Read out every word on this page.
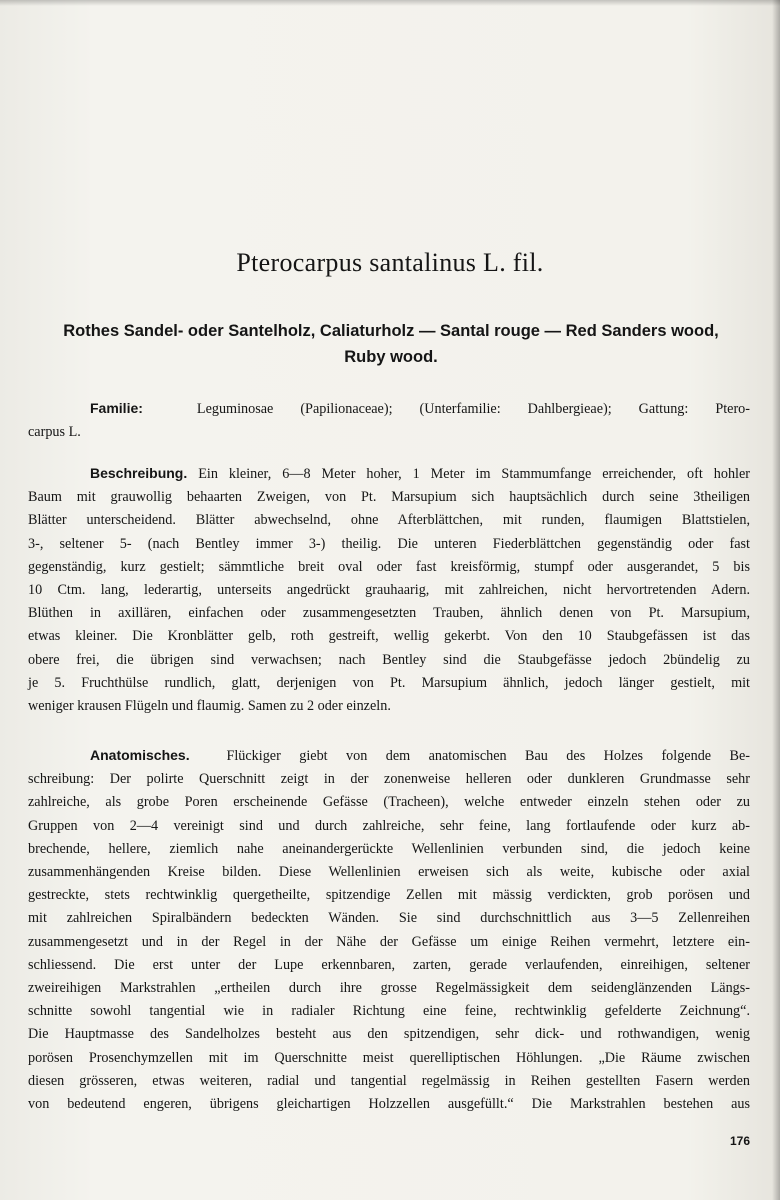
Pterocarpus santalinus L. fil.
Rothes Sandel- oder Santelholz, Caliaturholz — Santal rouge — Red Sanders wood,
Ruby wood.
Familie:	Leguminosae (Papilionaceae); (Unterfamilie: Dahlbergieae); Gattung: Ptero-
carpus L.
Beschreibung. Ein kleiner, 6—8 Meter hoher, 1 Meter im Stammumfange erreichender, oft hohler
Baum mit grauwollig behaarten Zweigen, von Pt. Marsupium sich hauptsächlich durch seine 3theiligen
Blätter unterscheidend. Blätter abwechselnd, ohne Afterblättchen, mit runden, flaumigen Blattstielen,
3-, seltener 5- (nach Bentley immer 3-) theilig. Die unteren Fiederblättchen gegenständig oder fast
gegenständig, kurz gestielt; sämmtliche breit oval oder fast kreisförmig, stumpf oder ausgerandet, 5 bis
10 Ctm. lang, lederartig, unterseits angedrückt grauhaarig, mit zahlreichen, nicht hervortretenden Adern.
Blüthen in axillären, einfachen oder zusammengesetzten Trauben, ähnlich denen von Pt. Marsupium,
etwas kleiner. Die Kronblätter gelb, roth gestreift, wellig gekerbt. Von den 10 Staubgefässen ist das
obere frei, die übrigen sind verwachsen; nach Bentley sind die Staubgefässe jedoch 2bündelig zu
je 5. Fruchthülse rundlich, glatt, derjenigen von Pt. Marsupium ähnlich, jedoch länger gestielt, mit
weniger krausen Flügeln und flaumig. Samen zu 2 oder einzeln.
Anatomisches.	Flückiger giebt von dem anatomischen Bau des Holzes folgende Be-
schreibung: Der polirte Querschnitt zeigt in der zonenweise helleren oder dunkleren Grundmasse sehr
zahlreiche, als grobe Poren erscheinende Gefässe (Tracheen), welche entweder einzeln stehen oder zu
Gruppen von 2—4 vereinigt sind und durch zahlreiche, sehr feine, lang fortlaufende oder kurz ab-
brechende, hellere, ziemlich nahe aneinandergerückte Wellenlinien verbunden sind, die jedoch keine
zusammenhängenden Kreise bilden. Diese Wellenlinien erweisen sich als weite, kubische oder axial
gestreckte, stets rechtwinklig quergetheilte, spitzendige Zellen mit mässig verdickten, grob porösen und
mit zahlreichen Spiralbändern bedeckten Wänden. Sie sind durchschnittlich aus 3—5 Zellenreihen
zusammengesetzt und in der Regel in der Nähe der Gefässe um einige Reihen vermehrt, letztere ein-
schliessend. Die erst unter der Lupe erkennbaren, zarten, gerade verlaufenden, einreihigen, seltener
zweireihigen Markstrahlen „ertheilen durch ihre grosse Regelmässigkeit dem seidenglänzenden Längs-
schnitte sowohl tangential wie in radialer Richtung eine feine, rechtwinklig gefelderte Zeichnung“.
Die Hauptmasse des Sandelholzes besteht aus den spitzendigen, sehr dick- und rothwandigen, wenig
porösen Prosenchymzellen mit im Querschnitte meist querelliptischen Höhlungen. „Die Räume zwischen
diesen grösseren, etwas weiteren, radial und tangential regelmässig in Reihen gestellten Fasern werden
von bedeutend engeren, übrigens gleichartigen Holzzellen ausgefüllt.“ Die Markstrahlen bestehen aus
176
